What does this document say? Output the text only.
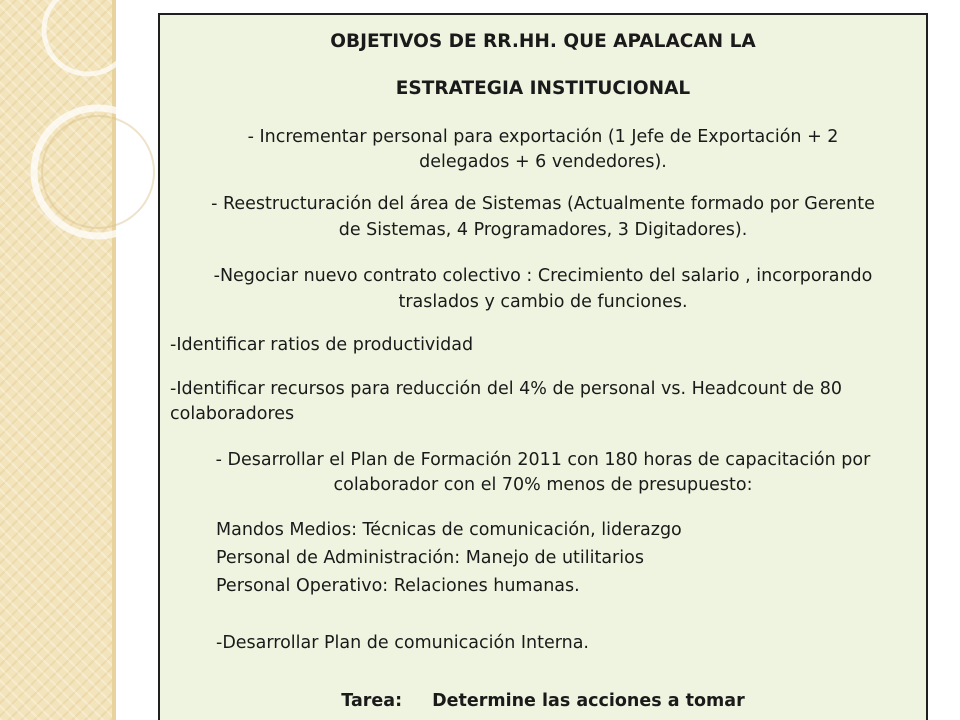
OBJETIVOS DE RR.HH. QUE APALACAN LA

ESTRATEGIA INSTITUCIONAL

- Incrementar personal para exportación (1 Jefe de Exportación + 2

delegados + 6 vendedores).

- Reestructuración del área de Sistemas (Actualmente formado por Gerente

de Sistemas, 4 Programadores, 3 Digitadores).

-Negociar nuevo contrato colectivo : Crecimiento del salario , incorporando

traslados y cambio de funciones.

-Identificar ratios de productividad

-Identificar recursos para reducción del 4% de personal vs. Headcount de 80

colaboradores

- Desarrollar el Plan de Formación 2011 con 180 horas de capacitación por

colaborador con el 70% menos de presupuesto:

Mandos Medios: Técnicas de comunicación, liderazgo

Personal de Administración: Manejo de utilitarios

Personal Operativo: Relaciones humanas.

-Desarrollar Plan de comunicación Interna.

Tarea: Determine las acciones a tomar
